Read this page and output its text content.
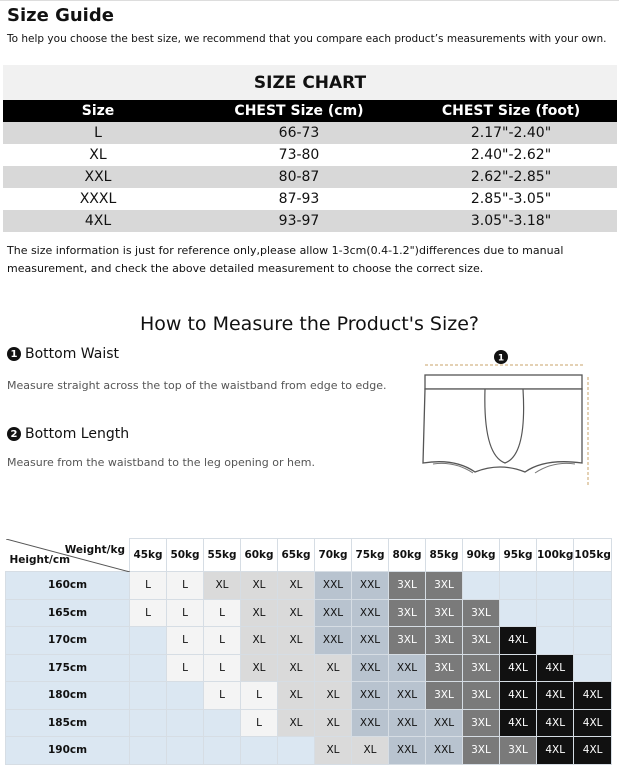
Size Guide
To help you choose the best size, we recommend that you compare each product’s measurements with your own.
SIZE CHART
Size	CHEST Size (cm)	CHEST Size (foot)
L	66-73	2.17"-2.40"
XL	73-80	2.40"-2.62"
XXL	80-87	2.62"-2.85"
XXXL	87-93	2.85"-3.05"
4XL	93-97	3.05"-3.18"
The size information is just for reference only,please allow 1-3cm(0.4-1.2")differences due to manual measurement, and check the above detailed measurement to choose the correct size.
How to Measure the Product's Size?
1 Bottom Waist
Measure straight across the top of the waistband from edge to edge.
2 Bottom Length
Measure from the waistband to the leg opening or hem.
1
Weight/kg
Height/cm	45kg	50kg	55kg	60kg	65kg	70kg	75kg	80kg	85kg	90kg	95kg	100kg	105kg
160cm	L	L	XL	XL	XL	XXL	XXL	3XL	3XL				
165cm	L	L	L	XL	XL	XXL	XXL	3XL	3XL	3XL			
170cm		L	L	XL	XL	XXL	XXL	3XL	3XL	3XL	4XL		
175cm		L	L	XL	XL	XL	XXL	XXL	3XL	3XL	4XL	4XL	
180cm			L	L	XL	XL	XXL	XXL	3XL	3XL	4XL	4XL	4XL
185cm				L	XL	XL	XXL	XXL	XXL	3XL	4XL	4XL	4XL
190cm						XL	XL	XXL	XXL	3XL	3XL	4XL	4XL
